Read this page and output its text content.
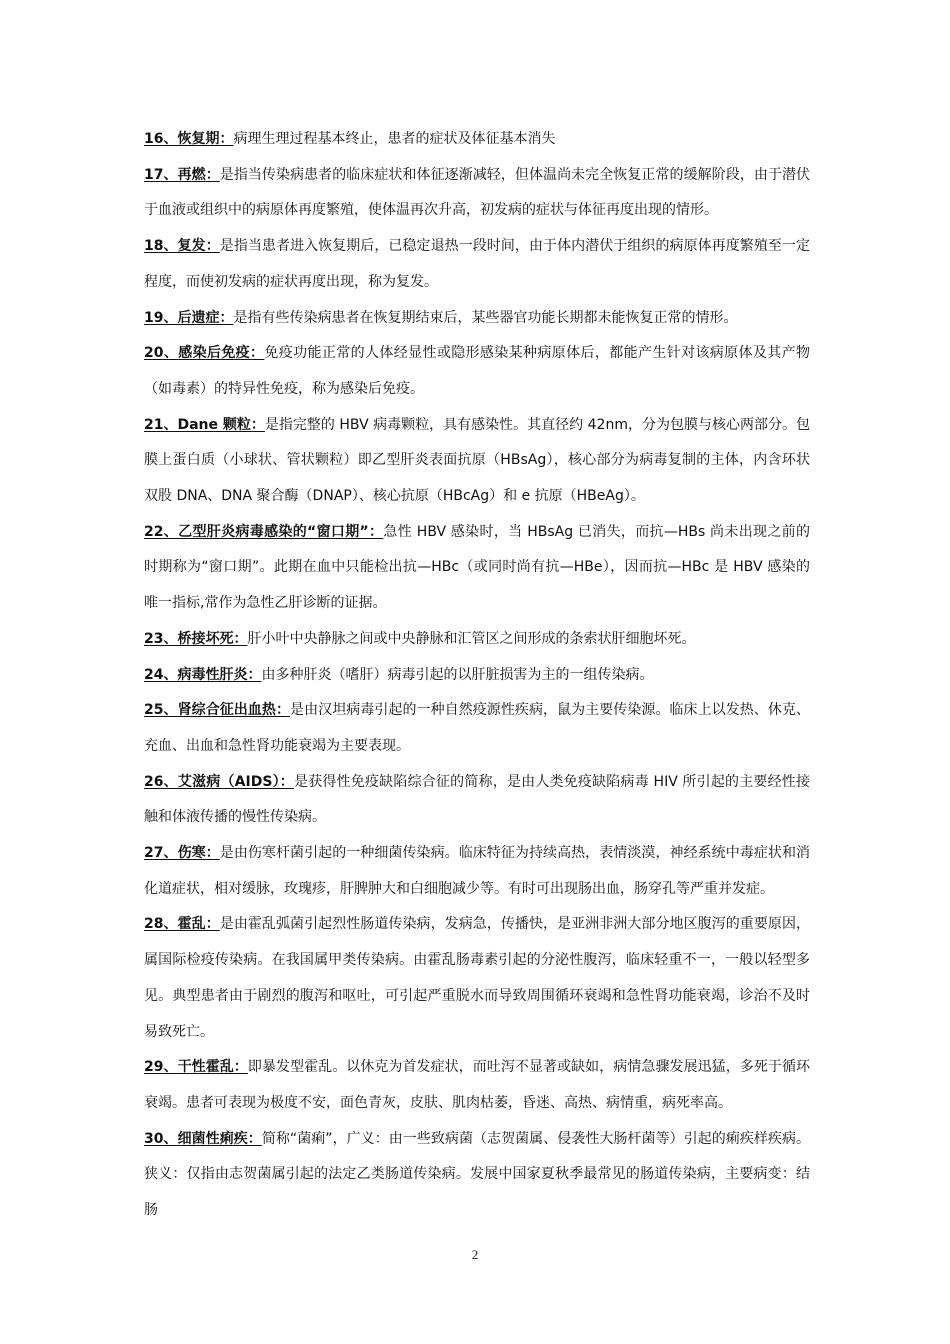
16、恢复期：病理生理过程基本终止，患者的症状及体征基本消失

17、再燃：是指当传染病患者的临床症状和体征逐渐减轻，但体温尚未完全恢复正常的缓解阶段，由于潜伏于血液或组织中的病原体再度繁殖，使体温再次升高，初发病的症状与体征再度出现的情形。

18、复发：是指当患者进入恢复期后，已稳定退热一段时间，由于体内潜伏于组织的病原体再度繁殖至一定程度，而使初发病的症状再度出现，称为复发。

19、后遗症：是指有些传染病患者在恢复期结束后，某些器官功能长期都未能恢复正常的情形。

20、感染后免疫：免疫功能正常的人体经显性或隐形感染某种病原体后，都能产生针对该病原体及其产物（如毒素）的特异性免疫，称为感染后免疫。

21、Dane 颗粒：是指完整的 HBV 病毒颗粒，具有感染性。其直径约 42nm，分为包膜与核心两部分。包膜上蛋白质（小球状、管状颗粒）即乙型肝炎表面抗原（HBsAg），核心部分为病毒复制的主体，内含环状双股 DNA、DNA 聚合酶（DNAP）、核心抗原（HBcAg）和 e 抗原（HBeAg）。

22、乙型肝炎病毒感染的“窗口期”：急性 HBV 感染时，当 HBsAg 已消失，而抗—HBs 尚未出现之前的时期称为“窗口期”。此期在血中只能检出抗—HBc（或同时尚有抗—HBe），因而抗—HBc 是 HBV 感染的唯一指标,常作为急性乙肝诊断的证据。

23、桥接坏死：肝小叶中央静脉之间或中央静脉和汇管区之间形成的条索状肝细胞坏死。

24、病毒性肝炎：由多种肝炎（嗜肝）病毒引起的以肝脏损害为主的一组传染病。

25、肾综合征出血热：是由汉坦病毒引起的一种自然疫源性疾病，鼠为主要传染源。临床上以发热、休克、充血、出血和急性肾功能衰竭为主要表现。

26、艾滋病（AIDS）：是获得性免疫缺陷综合征的简称，是由人类免疫缺陷病毒 HIV 所引起的主要经性接触和体液传播的慢性传染病。

27、伤寒：是由伤寒杆菌引起的一种细菌传染病。临床特征为持续高热，表情淡漠，神经系统中毒症状和消化道症状，相对缓脉，玫瑰疹，肝脾肿大和白细胞减少等。有时可出现肠出血，肠穿孔等严重并发症。

28、霍乱：是由霍乱弧菌引起烈性肠道传染病，发病急，传播快，是亚洲非洲大部分地区腹泻的重要原因，属国际检疫传染病。在我国属甲类传染病。由霍乱肠毒素引起的分泌性腹泻，临床轻重不一，一般以轻型多见。典型患者由于剧烈的腹泻和呕吐，可引起严重脱水而导致周围循环衰竭和急性肾功能衰竭，诊治不及时易致死亡。

29、干性霍乱：即暴发型霍乱。以休克为首发症状，而吐泻不显著或缺如，病情急骤发展迅猛，多死于循环衰竭。患者可表现为极度不安，面色青灰，皮肤、肌肉枯萎，昏迷、高热、病情重，病死率高。

30、细菌性痢疾：简称“菌痢”，广义：由一些致病菌（志贺菌属、侵袭性大肠杆菌等）引起的痢疾样疾病。狭义：仅指由志贺菌属引起的法定乙类肠道传染病。发展中国家夏秋季最常见的肠道传染病，主要病变：结肠

2
